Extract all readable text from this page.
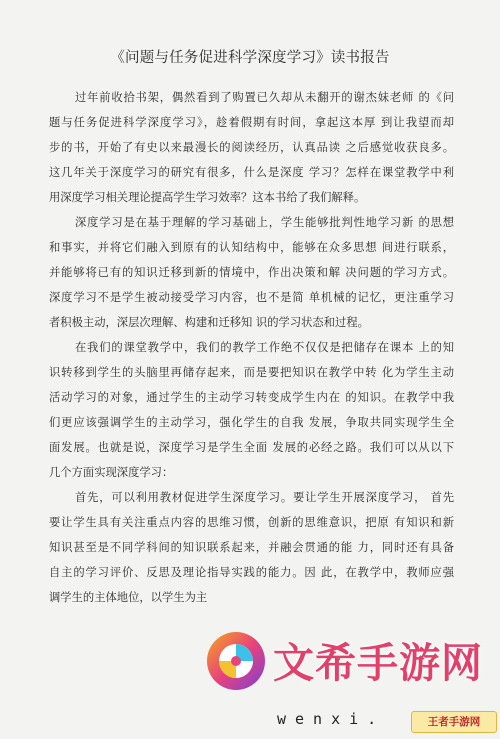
《问题与任务促进科学深度学习》读书报告
过年前收拾书架，偶然看到了购置已久却从未翻开的谢杰妹老师 的《问
题与任务促进科学深度学习》，趁着假期有时间，拿起这本厚 到让我望而却
步的书，开始了有史以来最漫长的阅读经历，认真品读 之后感觉收获良多。
这几年关于深度学习的研究有很多，什么是深度 学习？怎样在课堂教学中利
用深度学习相关理论提高学生学习效率？这本书给了我们解释。
深度学习是在基于理解的学习基础上，学生能够批判性地学习新 的思想
和事实，并将它们融入到原有的认知结构中，能够在众多思想 间进行联系，
并能够将已有的知识迁移到新的情境中，作出决策和解 决问题的学习方式。
深度学习不是学生被动接受学习内容，也不是简 单机械的记忆，更注重学习
者积极主动，深层次理解、构建和迁移知 识的学习状态和过程。
在我们的课堂教学中，我们的教学工作绝不仅仅是把储存在课本 上的知
识转移到学生的头脑里再储存起来，而是要把知识在教学中转 化为学生主动
活动学习的对象，通过学生的主动学习转变成学生内在 的知识。在教学中我
们更应该强调学生的主动学习，强化学生的自我 发展，争取共同实现学生全
面发展。也就是说，深度学习是学生全面 发展的必经之路。我们可以从以下
几个方面实现深度学习：
首先，可以利用教材促进学生深度学习。要让学生开展深度学习， 首先
要让学生具有关注重点内容的思维习惯，创新的思维意识，把原 有知识和新
知识甚至是不同学科间的知识联系起来，并融会贯通的能 力，同时还有具备
自主的学习评价、反思及理论指导实践的能力。因 此，在教学中，教师应强
调学生的主体地位，以学生为主
文希手游网
wenxi.	王者手游网
